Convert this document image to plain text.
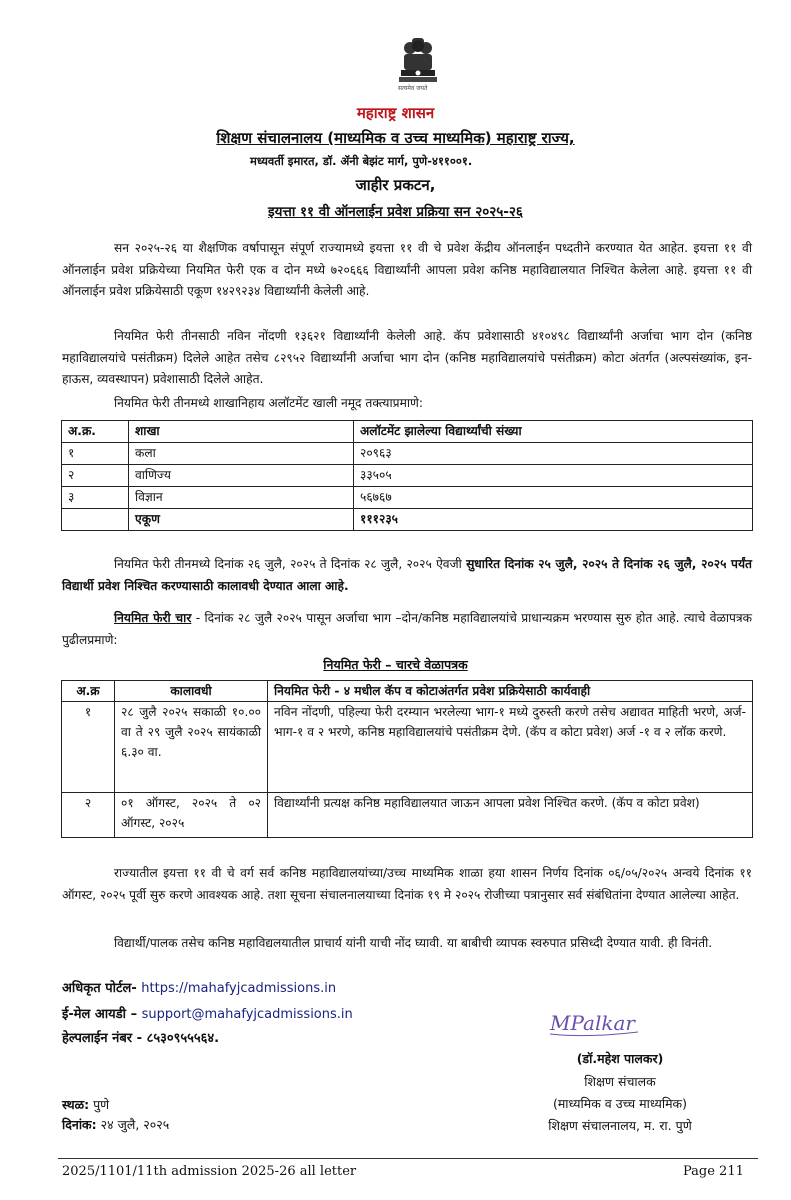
सत्यमेव जयते
महाराष्ट्र शासन
शिक्षण संचालनालय (माध्यमिक व उच्च माध्यमिक) महाराष्ट्र राज्य,
मध्यवर्ती इमारत, डॉ. ॲनी बेझंट मार्ग, पुणे-४११००१.
जाहीर प्रकटन,
इयत्ता ११ वी ऑनलाईन प्रवेश प्रक्रिया सन २०२५-२६
सन २०२५-२६ या शैक्षणिक वर्षापासून संपूर्ण राज्यामध्ये इयत्ता ११ वी चे प्रवेश केंद्रीय ऑनलाईन पध्दतीने करण्यात येत आहेत. इयत्ता ११ वी ऑनलाईन प्रवेश प्रक्रियेच्या नियमित फेरी एक व दोन मध्ये ७२०६६६ विद्यार्थ्यांनी आपला प्रवेश कनिष्ठ महाविद्यालयात निश्चित केलेला आहे. इयत्ता ११ वी ऑनलाईन प्रवेश प्रक्रियेसाठी एकूण १४२९२३४ विद्यार्थ्यांनी केलेली आहे.
नियमित फेरी तीनसाठी नविन नोंदणी १३६२१ विद्यार्थ्यांनी केलेली आहे. कॅप प्रवेशासाठी ४१०४९८ विद्यार्थ्यांनी अर्जाचा भाग दोन (कनिष्ठ महाविद्यालयांचे पसंतीक्रम) दिलेले आहेत तसेच ८२९५२ विद्यार्थ्यांनी अर्जाचा भाग दोन (कनिष्ठ महाविद्यालयांचे पसंतीक्रम) कोटा अंतर्गत (अल्पसंख्यांक, इन-हाऊस, व्यवस्थापन) प्रवेशासाठी दिलेले आहेत.
नियमित फेरी तीनमध्ये शाखानिहाय अलॉटमेंट खाली नमूद तक्त्याप्रमाणे:
अ.क्र.	शाखा	अलॉटमेंट झालेल्या विद्यार्थ्यांची संख्या
१	कला	२०९६३
२	वाणिज्य	३३५०५
३	विज्ञान	५६७६७
	एकूण	१११२३५
नियमित फेरी तीनमध्ये दिनांक २६ जुलै, २०२५ ते दिनांक २८ जुलै, २०२५ ऐवजी सुधारित दिनांक २५ जुलै, २०२५ ते दिनांक २६ जुलै, २०२५ पर्यंत विद्यार्थी प्रवेश निश्चित करण्यासाठी कालावधी देण्यात आला आहे.
नियमित फेरी चार - दिनांक २८ जुलै २०२५ पासून अर्जाचा भाग –दोन/कनिष्ठ महाविद्यालयांचे प्राधान्यक्रम भरण्यास सुरु होत आहे. त्याचे वेळापत्रक पुढीलप्रमाणे:
नियमित फेरी – चारचे वेळापत्रक
अ.क्र	कालावधी	नियमित फेरी - ४ मधील कॅप व कोटाअंतर्गत प्रवेश प्रक्रियेसाठी कार्यवाही
१	२८ जुलै २०२५ सकाळी १०.०० वा ते २९ जुलै २०२५ सायंकाळी ६.३० वा.	नविन नोंदणी, पहिल्या फेरी दरम्यान भरलेल्या भाग-१ मध्ये दुरुस्ती करणे तसेच अद्यावत माहिती भरणे, अर्ज-भाग-१ व २ भरणे, कनिष्ठ महाविद्यालयांचे पसंतीक्रम देणे. (कॅप व कोटा प्रवेश) अर्ज -१ व २ लॉक करणे.
२	०१ ऑगस्ट, २०२५ ते ०२ ऑगस्ट, २०२५	विद्यार्थ्यांनी प्रत्यक्ष कनिष्ठ महाविद्यालयात जाऊन आपला प्रवेश निश्चित करणे. (कॅप व कोटा प्रवेश)
राज्यातील इयत्ता ११ वी चे वर्ग सर्व कनिष्ठ महाविद्यालयांच्या/उच्च माध्यमिक शाळा हया शासन निर्णय दिनांक ०६/०५/२०२५ अन्वये दिनांक ११ ऑगस्ट, २०२५ पूर्वी सुरु करणे आवश्यक आहे. तशा सूचना संचालनालयाच्या दिनांक १९ मे २०२५ रोजीच्या पत्रानुसार सर्व संबंधितांना देण्यात आलेल्या आहेत.
विद्यार्थी/पालक तसेच कनिष्ठ महाविद्यलयातील प्राचार्य यांनी याची नोंद घ्यावी. या बाबीची व्यापक स्वरुपात प्रसिध्दी देण्यात यावी. ही विनंती.
अधिकृत पोर्टल- https://mahafyjcadmissions.in
ई-मेल आयडी – support@mahafyjcadmissions.in
हेल्पलाईन नंबर - ८५३०९५५५६४.
MPalkar
(डॉ.महेश पालकर)
शिक्षण संचालक
(माध्यमिक व उच्च माध्यमिक)
शिक्षण संचालनालय, म. रा. पुणे
स्थळ: पुणे
दिनांक: २४ जुलै, २०२५
2025/1101/11th admission 2025-26 all letter	Page 211
